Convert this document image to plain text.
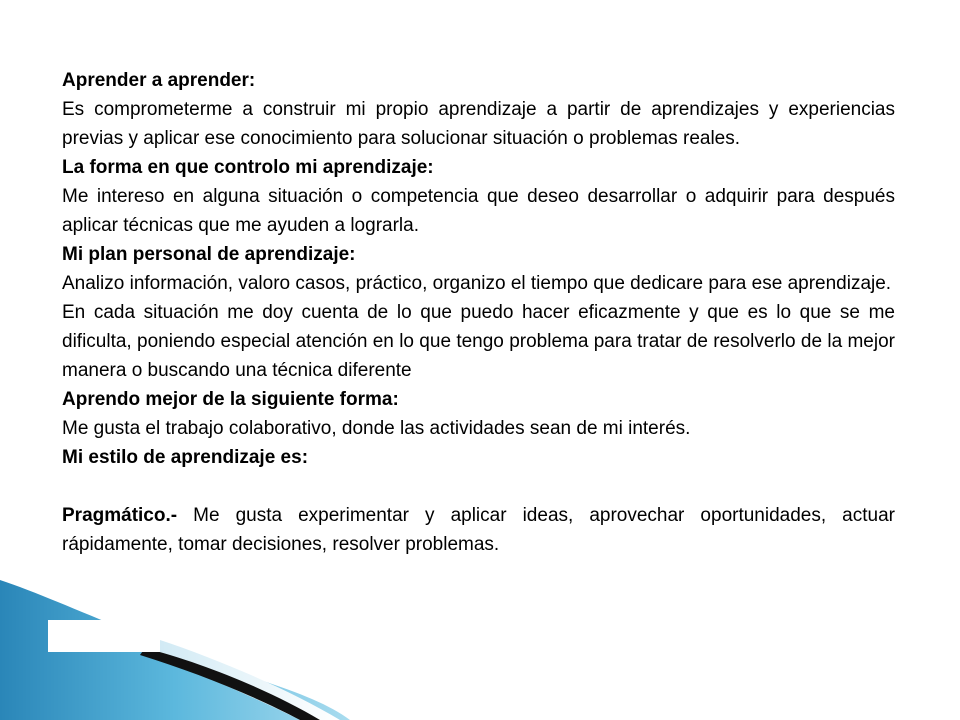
Aprender a aprender:

Es comprometerme a construir mi propio aprendizaje a partir de aprendizajes y experiencias previas y aplicar ese conocimiento para solucionar situación o problemas reales.

La forma en que controlo mi aprendizaje:

Me intereso en alguna situación o competencia que deseo desarrollar o adquirir para después aplicar técnicas que me ayuden a lograrla.

Mi plan personal de aprendizaje:

Analizo información, valoro casos, práctico, organizo el tiempo que dedicare para ese aprendizaje.

En cada situación me doy cuenta de lo que puedo hacer eficazmente y que es lo que se me dificulta, poniendo especial atención en lo que tengo problema para tratar de resolverlo de la mejor manera o buscando una técnica diferente

Aprendo mejor de la siguiente forma:

Me gusta el trabajo colaborativo, donde las actividades sean de mi interés.

Mi estilo de aprendizaje es:

Pragmático.- Me gusta experimentar y aplicar ideas, aprovechar oportunidades, actuar rápidamente, tomar decisiones, resolver problemas.
